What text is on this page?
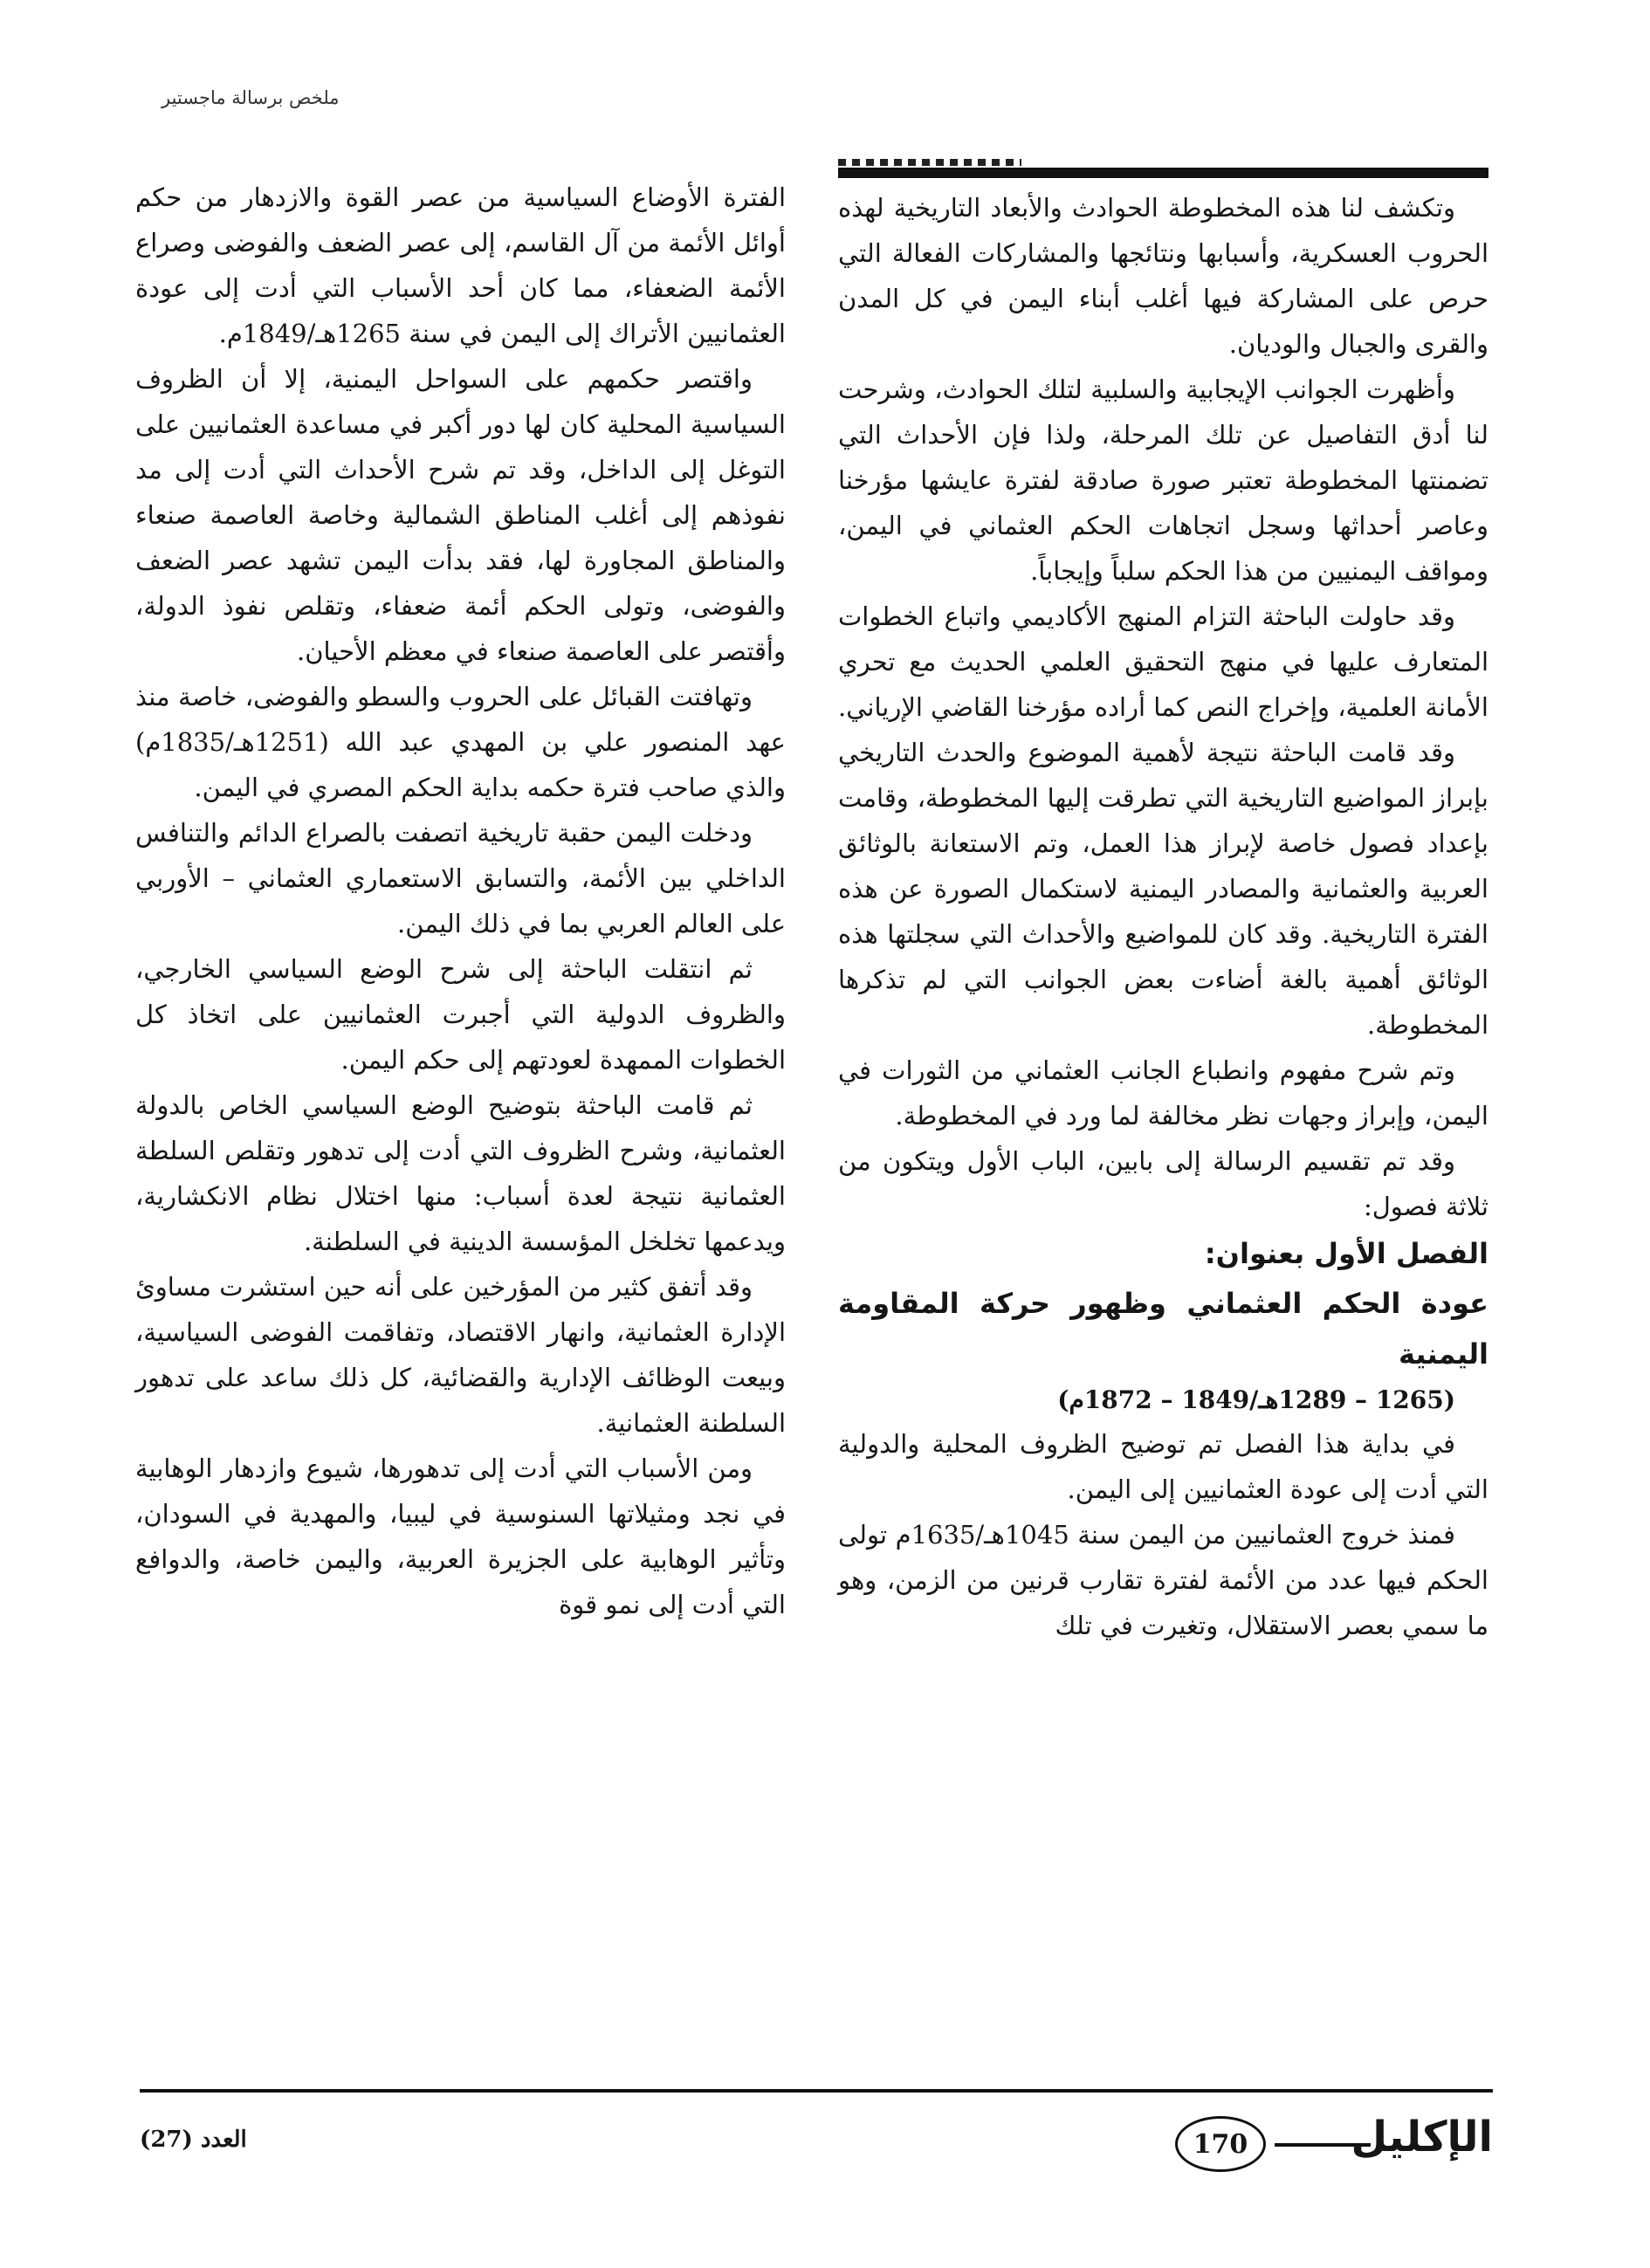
ملخص برسالة ماجستير

وتكشف لنا هذه المخطوطة الحوادث والأبعاد التاريخية لهذه الحروب العسكرية، وأسبابها ونتائجها والمشاركات الفعالة التي حرص على المشاركة فيها أغلب أبناء اليمن في كل المدن والقرى والجبال والوديان.

وأظهرت الجوانب الإيجابية والسلبية لتلك الحوادث، وشرحت لنا أدق التفاصيل عن تلك المرحلة، ولذا فإن الأحداث التي تضمنتها المخطوطة تعتبر صورة صادقة لفترة عايشها مؤرخنا وعاصر أحداثها وسجل اتجاهات الحكم العثماني في اليمن، ومواقف اليمنيين من هذا الحكم سلباً وإيجاباً.

وقد حاولت الباحثة التزام المنهج الأكاديمي واتباع الخطوات المتعارف عليها في منهج التحقيق العلمي الحديث مع تحري الأمانة العلمية، وإخراج النص كما أراده مؤرخنا القاضي الإرياني.

وقد قامت الباحثة نتيجة لأهمية الموضوع والحدث التاريخي بإبراز المواضيع التاريخية التي تطرقت إليها المخطوطة، وقامت بإعداد فصول خاصة لإبراز هذا العمل، وتم الاستعانة بالوثائق العربية والعثمانية والمصادر اليمنية لاستكمال الصورة عن هذه الفترة التاريخية. وقد كان للمواضيع والأحداث التي سجلتها هذه الوثائق أهمية بالغة أضاءت بعض الجوانب التي لم تذكرها المخطوطة.

وتم شرح مفهوم وانطباع الجانب العثماني من الثورات في اليمن، وإبراز وجهات نظر مخالفة لما ورد في المخطوطة.

وقد تم تقسيم الرسالة إلى بابين، الباب الأول ويتكون من ثلاثة فصول:

الفصل الأول بعنوان:

عودة الحكم العثماني وظهور حركة المقاومة اليمنية

(1265 – 1289هـ/1849 – 1872م)

في بداية هذا الفصل تم توضيح الظروف المحلية والدولية التي أدت إلى عودة العثمانيين إلى اليمن.

فمنذ خروج العثمانيين من اليمن سنة 1045هـ/1635م تولى الحكم فيها عدد من الأئمة لفترة تقارب قرنين من الزمن، وهو ما سمي بعصر الاستقلال، وتغيرت في تلك

الفترة الأوضاع السياسية من عصر القوة والازدهار من حكم أوائل الأئمة من آل القاسم، إلى عصر الضعف والفوضى وصراع الأئمة الضعفاء، مما كان أحد الأسباب التي أدت إلى عودة العثمانيين الأتراك إلى اليمن في سنة 1265هـ/1849م.

واقتصر حكمهم على السواحل اليمنية، إلا أن الظروف السياسية المحلية كان لها دور أكبر في مساعدة العثمانيين على التوغل إلى الداخل، وقد تم شرح الأحداث التي أدت إلى مد نفوذهم إلى أغلب المناطق الشمالية وخاصة العاصمة صنعاء والمناطق المجاورة لها، فقد بدأت اليمن تشهد عصر الضعف والفوضى، وتولى الحكم أئمة ضعفاء، وتقلص نفوذ الدولة، وأقتصر على العاصمة صنعاء في معظم الأحيان.

وتهافتت القبائل على الحروب والسطو والفوضى، خاصة منذ عهد المنصور علي بن المهدي عبد الله (1251هـ/1835م) والذي صاحب فترة حكمه بداية الحكم المصري في اليمن.

ودخلت اليمن حقبة تاريخية اتصفت بالصراع الدائم والتنافس الداخلي بين الأئمة، والتسابق الاستعماري العثماني – الأوربي على العالم العربي بما في ذلك اليمن.

ثم انتقلت الباحثة إلى شرح الوضع السياسي الخارجي، والظروف الدولية التي أجبرت العثمانيين على اتخاذ كل الخطوات الممهدة لعودتهم إلى حكم اليمن.

ثم قامت الباحثة بتوضيح الوضع السياسي الخاص بالدولة العثمانية، وشرح الظروف التي أدت إلى تدهور وتقلص السلطة العثمانية نتيجة لعدة أسباب: منها اختلال نظام الانكشارية، ويدعمها تخلخل المؤسسة الدينية في السلطنة.

وقد أتفق كثير من المؤرخين على أنه حين استشرت مساوئ الإدارة العثمانية، وانهار الاقتصاد، وتفاقمت الفوضى السياسية، وبيعت الوظائف الإدارية والقضائية، كل ذلك ساعد على تدهور السلطنة العثمانية.

ومن الأسباب التي أدت إلى تدهورها، شيوع وازدهار الوهابية في نجد ومثيلاتها السنوسية في ليبيا، والمهدية في السودان، وتأثير الوهابية على الجزيرة العربية، واليمن خاصة، والدوافع التي أدت إلى نمو قوة

العدد (27)	170 الإكليل
